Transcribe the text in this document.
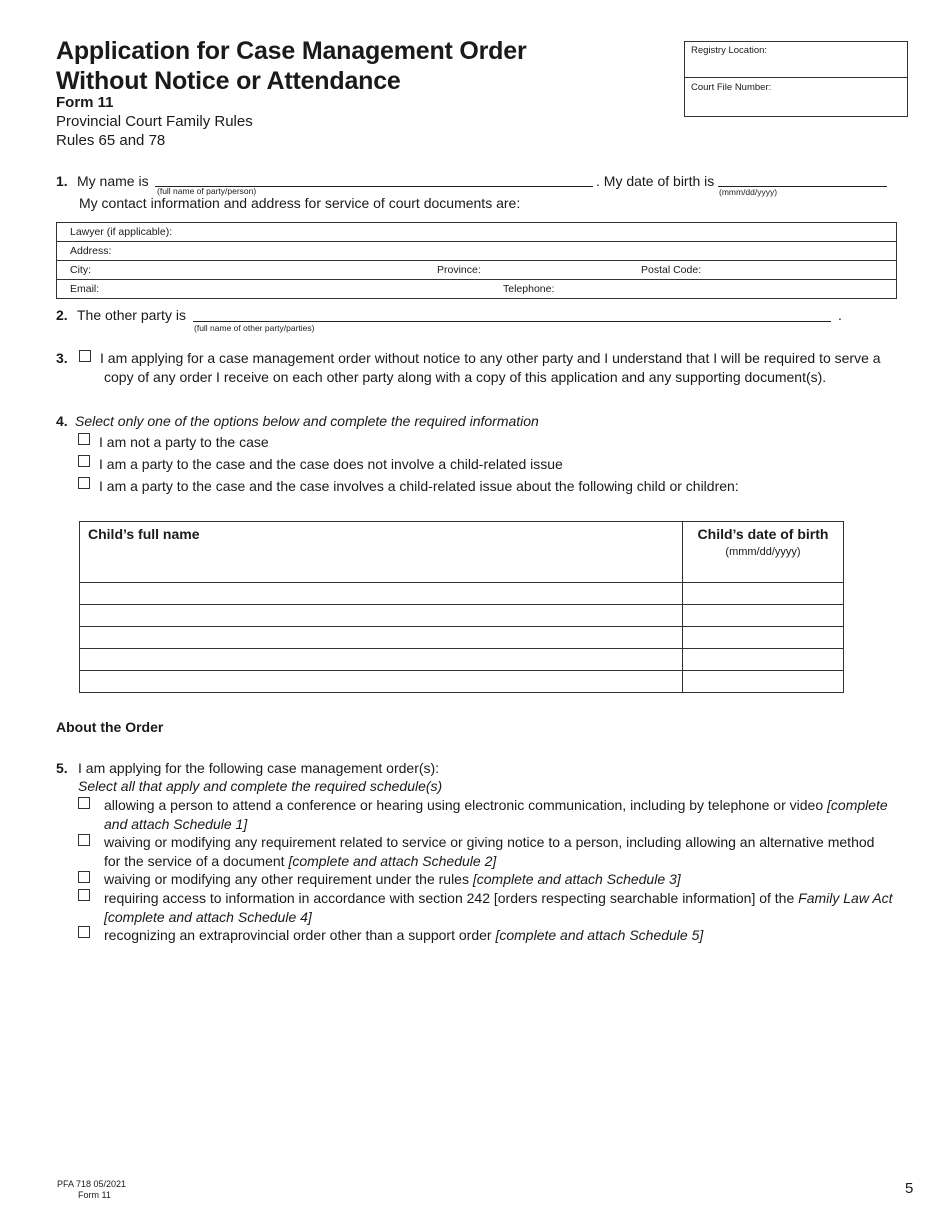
Application for Case Management Order
Without Notice or Attendance
Form 11
Provincial Court Family Rules
Rules 65 and 78
Registry Location:
Court File Number:
1. My name is
(full name of party/person)
. My date of birth is
(mmm/dd/yyyy)
My contact information and address for service of court documents are:
Lawyer (if applicable):
Address:
City:	Province:	Postal Code:
Email:	Telephone:
2. The other party is	.
(full name of other party/parties)
3. I am applying for a case management order without notice to any other party and I understand that I will be required to serve a
copy of any order I receive on each other party along with a copy of this application and any supporting document(s).
4. Select only one of the options below and complete the required information
I am not a party to the case
I am a party to the case and the case does not involve a child-related issue
I am a party to the case and the case involves a child-related issue about the following child or children:
Child’s full name	Child’s date of birth
(mmm/dd/yyyy)

About the Order
5. I am applying for the following case management order(s):
Select all that apply and complete the required schedule(s)
allowing a person to attend a conference or hearing using electronic communication, including by telephone or video [complete and attach Schedule 1]
waiving or modifying any requirement related to service or giving notice to a person, including allowing an alternative method for the service of a document [complete and attach Schedule 2]
waiving or modifying any other requirement under the rules [complete and attach Schedule 3]
requiring access to information in accordance with section 242 [orders respecting searchable information] of the Family Law Act [complete and attach Schedule 4]
recognizing an extraprovincial order other than a support order [complete and attach Schedule 5]
PFA 718 05/2021
Form 11	5
